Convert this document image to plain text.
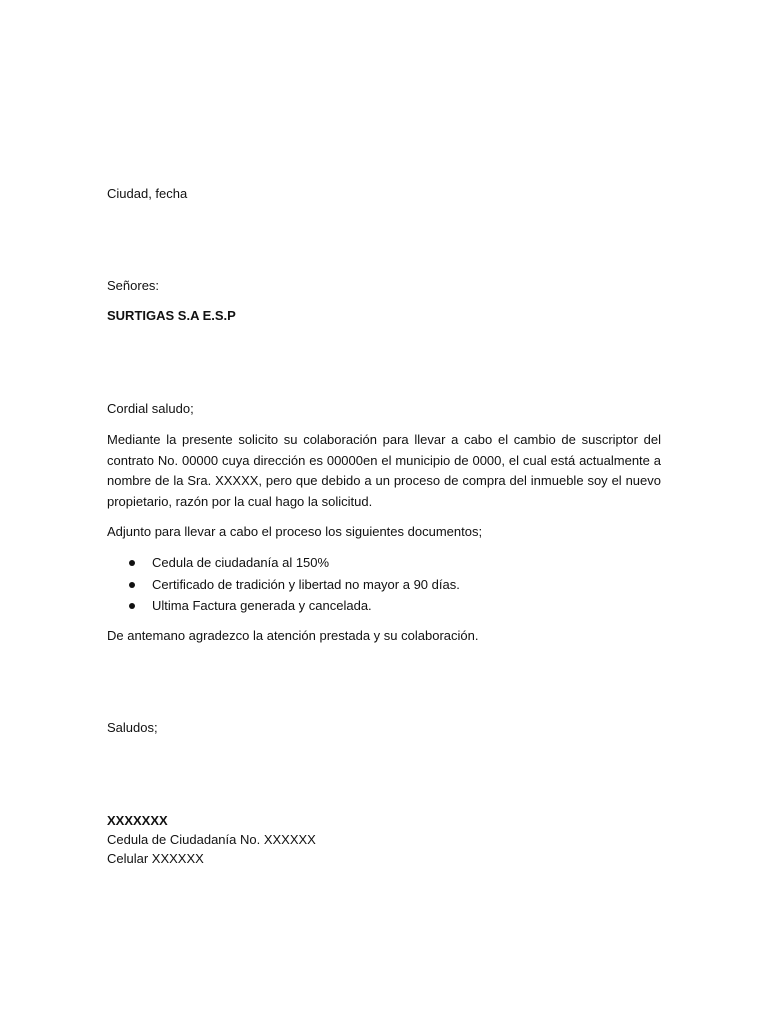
Ciudad, fecha
Señores:
SURTIGAS S.A E.S.P
Cordial saludo;
Mediante la presente solicito su colaboración para llevar a cabo el cambio de suscriptor del contrato No. 00000 cuya dirección es 00000en el municipio de 0000, el cual está actualmente a nombre de la Sra. XXXXX, pero que debido a un proceso de compra del inmueble soy el nuevo propietario, razón por la cual hago la solicitud.
Adjunto para llevar a cabo el proceso los siguientes documentos;
Cedula de ciudadanía al 150%
Certificado de tradición y libertad no mayor a 90 días.
Ultima Factura generada y cancelada.
De antemano agradezco la atención prestada y su colaboración.
Saludos;
XXXXXXX
Cedula de Ciudadanía No. XXXXXX
Celular XXXXXX
